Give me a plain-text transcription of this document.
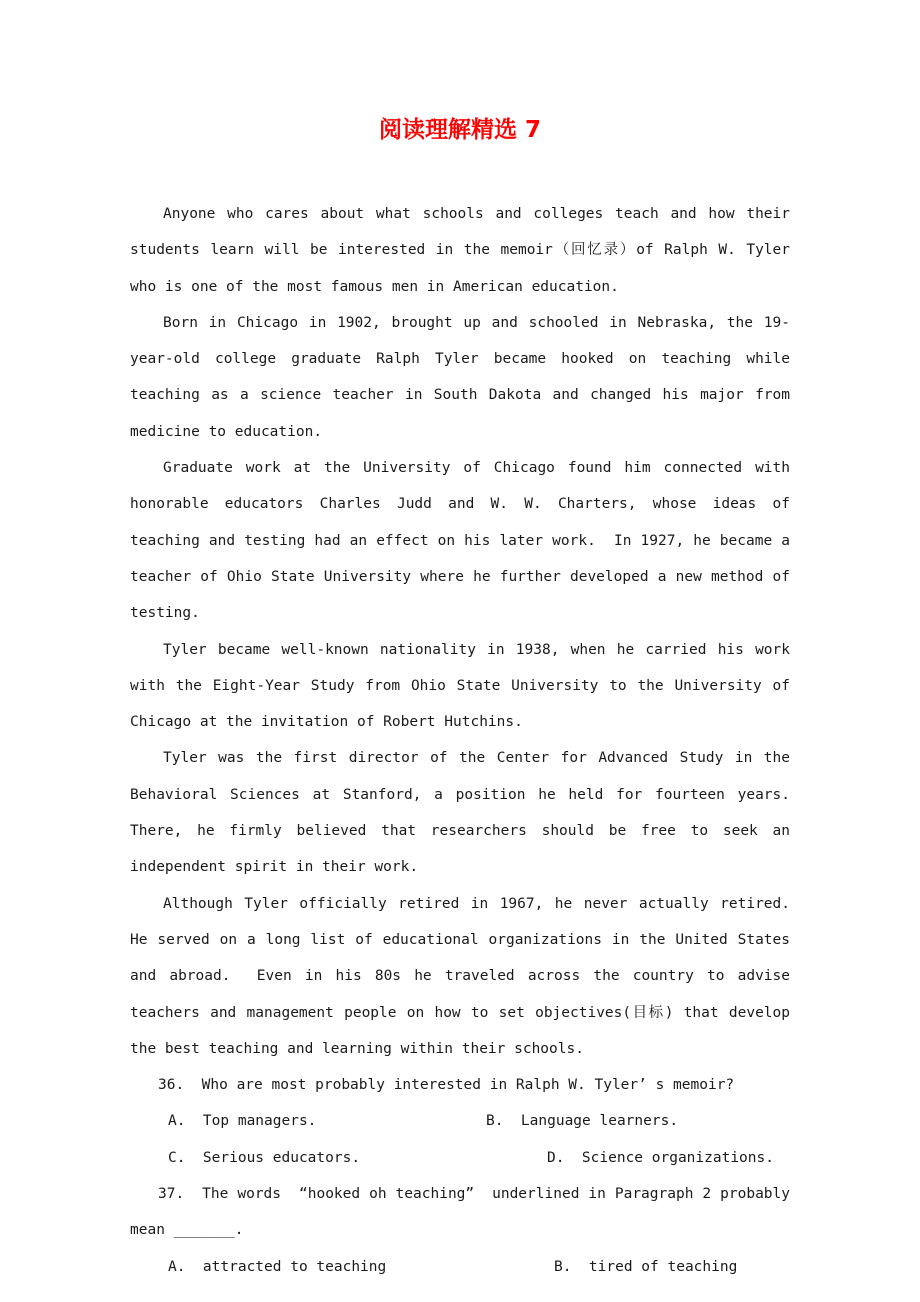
阅读理解精选 7

Anyone who cares about what schools and colleges teach and how their students learn will be interested in the memoir（回忆录）of Ralph W. Tyler who is one of the most famous men in American education.

Born in Chicago in 1902, brought up and schooled in Nebraska, the 19-year-old college graduate Ralph Tyler became hooked on teaching while teaching as a science teacher in South Dakota and changed his major from medicine to education.

Graduate work at the University of Chicago found him connected with honorable educators Charles Judd and W. W. Charters, whose ideas of teaching and testing had an effect on his later work.  In 1927, he became a teacher of Ohio State University where he further developed a new method of testing.

Tyler became well-known nationality in 1938, when he carried his work with the Eight-Year Study from Ohio State University to the University of Chicago at the invitation of Robert Hutchins.

Tyler was the first director of the Center for Advanced Study in the Behavioral Sciences at Stanford, a position he held for fourteen years.  There, he firmly believed that researchers should be free to seek an independent spirit in their work.

Although Tyler officially retired in 1967, he never actually retired.  He served on a long list of educational organizations in the United States and abroad.  Even in his 80s he traveled across the country to advise teachers and management people on how to set objectives(目标) that develop the best teaching and learning within their schools.

36.  Who are most probably interested in Ralph W. Tyler’ s memoir?

A.  Top managers.	B.  Language learners.
C.  Serious educators.	D.  Science organizations.

37.  The words  “hooked oh teaching”  underlined in Paragraph 2 probably mean _______.

A.  attracted to teaching	B.  tired of teaching
